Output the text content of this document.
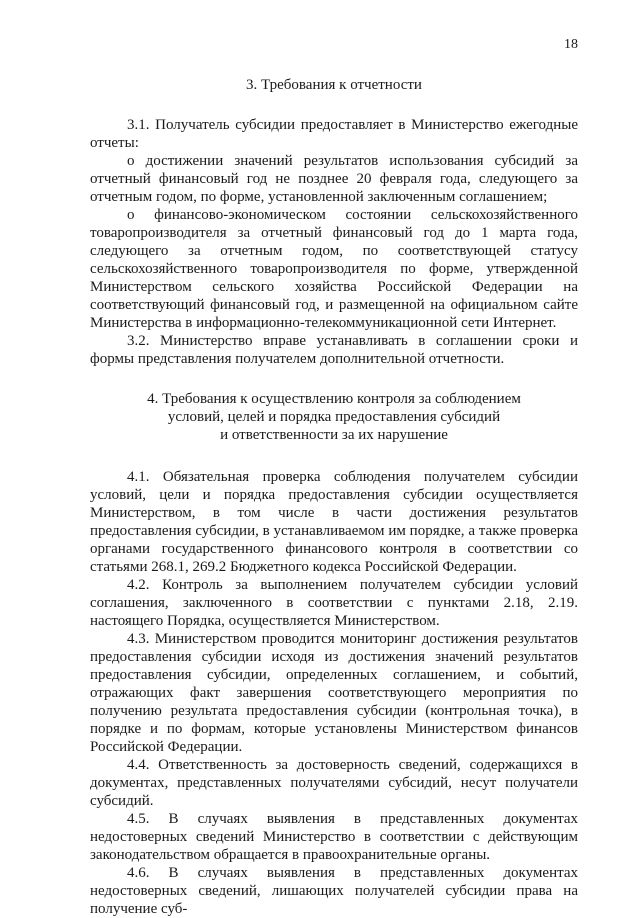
18

3. Требования к отчетности

3.1. Получатель субсидии предоставляет в Министерство ежегодные отчеты:

о достижении значений результатов использования субсидий за отчетный финансовый год не позднее 20 февраля года, следующего за отчетным годом, по форме, установленной заключенным соглашением;

о финансово-экономическом состоянии сельскохозяйственного товаропроизводителя за отчетный финансовый год до 1 марта года, следующего за отчетным годом, по соответствующей статусу сельскохозяйственного товаропроизводителя по форме, утвержденной Министерством сельского хозяйства Российской Федерации на соответствующий финансовый год, и размещенной на официальном сайте Министерства в информационно-телекоммуникационной сети Интернет.

3.2. Министерство вправе устанавливать в соглашении сроки и формы представления получателем дополнительной отчетности.

4. Требования к осуществлению контроля за соблюдением
условий, целей и порядка предоставления субсидий
и ответственности за их нарушение

4.1. Обязательная проверка соблюдения получателем субсидии условий, цели и порядка предоставления субсидии осуществляется Министерством, в том числе в части достижения результатов предоставления субсидии, в устанавливаемом им порядке, а также проверка органами государственного финансового контроля в соответствии со статьями 268.1, 269.2 Бюджетного кодекса Российской Федерации.

4.2. Контроль за выполнением получателем субсидии условий соглашения, заключенного в соответствии с пунктами 2.18, 2.19. настоящего Порядка, осуществляется Министерством.

4.3. Министерством проводится мониторинг достижения результатов предоставления субсидии исходя из достижения значений результатов предоставления субсидии, определенных соглашением, и событий, отражающих факт завершения соответствующего мероприятия по получению результата предоставления субсидии (контрольная точка), в порядке и по формам, которые установлены Министерством финансов Российской Федерации.

4.4. Ответственность за достоверность сведений, содержащихся в документах, представленных получателями субсидий, несут получатели субсидий.

4.5. В случаях выявления в представленных документах недостоверных сведений Министерство в соответствии с действующим законодательством обращается в правоохранительные органы.

4.6. В случаях выявления в представленных документах недостоверных сведений, лишающих получателей субсидии права на получение суб-
